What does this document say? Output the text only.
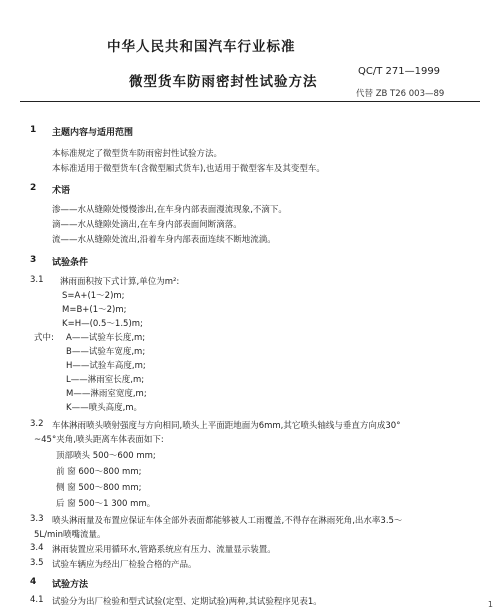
中华人民共和国汽车行业标准
微型货车防雨密封性试验方法
QC/T 271—1999
代替 ZB T26 003—89
1 主题内容与适用范围
本标准规定了微型货车防雨密封性试验方法。
本标准适用于微型货车(含微型厢式货车),也适用于微型客车及其变型车。
2 术语
渗——水从缝隙处慢慢渗出,在车身内部表面漫流现象,不滴下。
滴——水从缝隙处滴出,在车身内部表面间断滴落。
流——水从缝隙处流出,沿着车身内部表面连续不断地流淌。
3 试验条件
3.1 淋雨面积按下式计算,单位为m²:
S=A+(1～2)m;
M=B+(1～2)m;
K=H—(0.5～1.5)m;
式中: A——试验车长度,m;
B——试验车宽度,m;
H——试验车高度,m;
L——淋雨室长度,m;
M——淋雨室宽度,m;
K——喷头高度,m。
3.2 车体淋雨喷头喷射强度与方向相同,喷头上平面距地面为6mm,其它喷头轴线与垂直方向成30°
~45°夹角,喷头距离车体表面如下:
顶部喷头 500～600 mm;
前 窗 600～800 mm;
侧 窗 500～800 mm;
后 窗 500～1 300 mm。
3.3 喷头淋雨量及布置应保证车体全部外表面都能够被人工雨覆盖,不得存在淋雨死角,出水率3.5～
5L/min喷嘴流量。
3.4 淋雨装置应采用循环水,管路系统应有压力、流量显示装置。
3.5 试验车辆应为经出厂检验合格的产品。
4 试验方法
4.1 试验分为出厂检验和型式试验(定型、定期试验)两种,其试验程序见表1。	1
